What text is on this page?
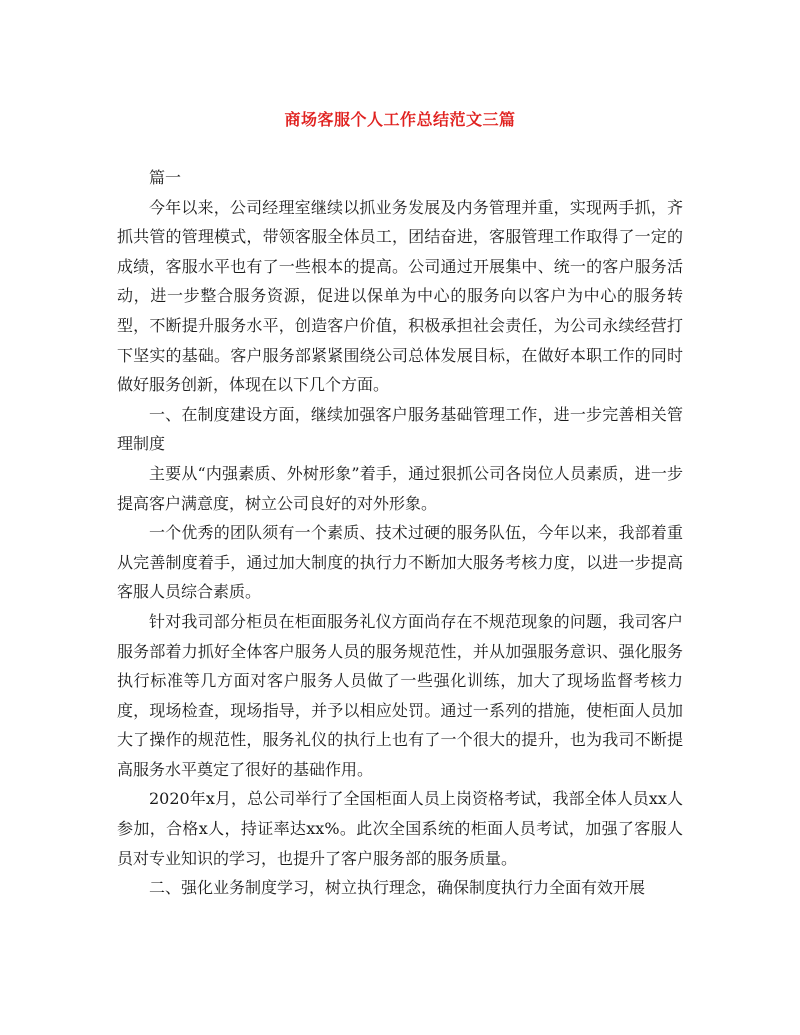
商场客服个人工作总结范文三篇

篇一

今年以来，公司经理室继续以抓业务发展及内务管理并重，实现两手抓，齐抓共管的管理模式，带领客服全体员工，团结奋进，客服管理工作取得了一定的成绩，客服水平也有了一些根本的提高。公司通过开展集中、统一的客户服务活动，进一步整合服务资源，促进以保单为中心的服务向以客户为中心的服务转型，不断提升服务水平，创造客户价值，积极承担社会责任，为公司永续经营打下坚实的基础。客户服务部紧紧围绕公司总体发展目标，在做好本职工作的同时做好服务创新，体现在以下几个方面。

一、在制度建设方面，继续加强客户服务基础管理工作，进一步完善相关管理制度

主要从“内强素质、外树形象”着手，通过狠抓公司各岗位人员素质，进一步提高客户满意度，树立公司良好的对外形象。

一个优秀的团队须有一个素质、技术过硬的服务队伍，今年以来，我部着重从完善制度着手，通过加大制度的执行力不断加大服务考核力度，以进一步提高客服人员综合素质。

针对我司部分柜员在柜面服务礼仪方面尚存在不规范现象的问题，我司客户服务部着力抓好全体客户服务人员的服务规范性，并从加强服务意识、强化服务执行标准等几方面对客户服务人员做了一些强化训练，加大了现场监督考核力度，现场检查，现场指导，并予以相应处罚。通过一系列的措施，使柜面人员加大了操作的规范性，服务礼仪的执行上也有了一个很大的提升，也为我司不断提高服务水平奠定了很好的基础作用。

2020年x月，总公司举行了全国柜面人员上岗资格考试，我部全体人员xx人参加，合格x人，持证率达xx%。此次全国系统的柜面人员考试，加强了客服人员对专业知识的学习，也提升了客户服务部的服务质量。

二、强化业务制度学习，树立执行理念，确保制度执行力全面有效开展
